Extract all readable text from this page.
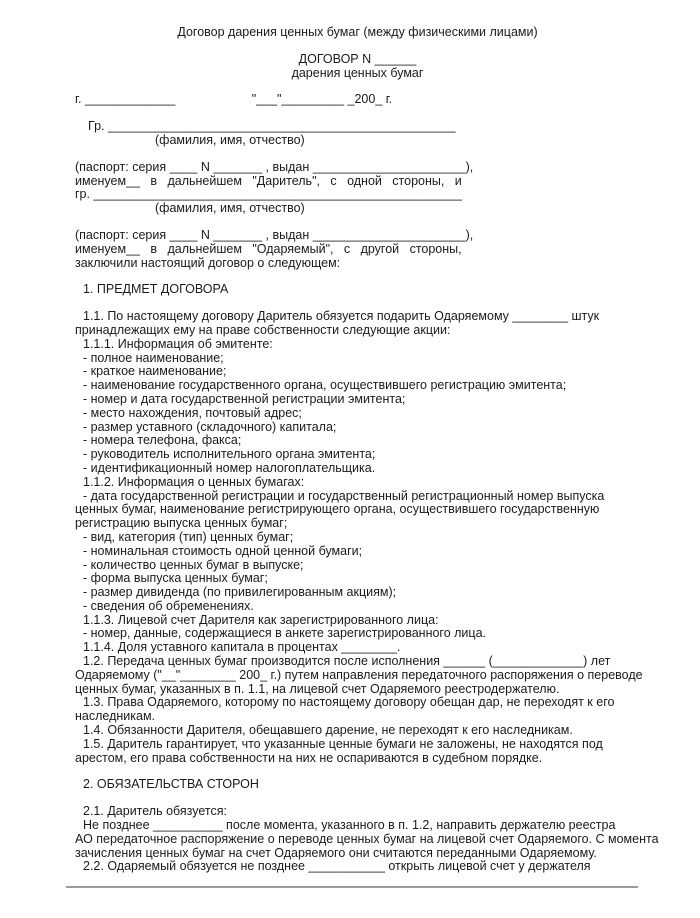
Договор дарения ценных бумаг (между физическими лицами)
ДОГОВОР N ______
дарения ценных бумаг
г. _____________                      "___"_________ _200_ г.
Гр. __________________________________________________
(фамилия, имя, отчество)
(паспорт: серия ____ N _______ , выдан ______________________),
именуем__   в   дальнейшем   "Даритель",   с   одной   стороны,   и
гр. _____________________________________________________
(фамилия, имя, отчество)
(паспорт: серия ____ N _______ , выдан ______________________),
именуем__   в   дальнейшем   "Одаряемый",   с   другой   стороны,
заключили настоящий договор о следующем:
1. ПРЕДМЕТ ДОГОВОРА
1.1. По настоящему договору Даритель обязуется подарить Одаряемому ________ штук
принадлежащих ему на праве собственности следующие акции:
1.1.1. Информация об эмитенте:
- полное наименование;
- краткое наименование;
- наименование государственного органа, осуществившего регистрацию эмитента;
- номер и дата государственной регистрации эмитента;
- место нахождения, почтовый адрес;
- размер уставного (складочного) капитала;
- номера телефона, факса;
- руководитель исполнительного органа эмитента;
- идентификационный номер налогоплательщика.
1.1.2. Информация о ценных бумагах:
- дата государственной регистрации и государственный регистрационный номер выпуска
ценных бумаг, наименование регистрирующего органа, осуществившего государственную
регистрацию выпуска ценных бумаг;
- вид, категория (тип) ценных бумаг;
- номинальная стоимость одной ценной бумаги;
- количество ценных бумаг в выпуске;
- форма выпуска ценных бумаг;
- размер дивиденда (по привилегированным акциям);
- сведения об обременениях.
1.1.3. Лицевой счет Дарителя как зарегистрированного лица:
- номер, данные, содержащиеся в анкете зарегистрированного лица.
1.1.4. Доля уставного капитала в процентах ________.
1.2. Передача ценных бумаг производится после исполнения ______ (_____________) лет
Одаряемому ("__"________ 200_ г.) путем направления передаточного распоряжения о переводе
ценных бумаг, указанных в п. 1.1, на лицевой счет Одаряемого реестродержателю.
1.3. Права Одаряемого, которому по настоящему договору обещан дар, не переходят к его
наследникам.
1.4. Обязанности Дарителя, обещавшего дарение, не переходят к его наследникам.
1.5. Даритель гарантирует, что указанные ценные бумаги не заложены, не находятся под
арестом, его права собственности на них не оспариваются в судебном порядке.
2. ОБЯЗАТЕЛЬСТВА СТОРОН
2.1. Даритель обязуется:
Не позднее __________ после момента, указанного в п. 1.2, направить держателю реестра
АО передаточное распоряжение о переводе ценных бумаг на лицевой счет Одаряемого. С момента
зачисления ценных бумаг на счет Одаряемого они считаются переданными Одаряемому.
2.2. Одаряемый обязуется не позднее ___________ открыть лицевой счет у держателя
